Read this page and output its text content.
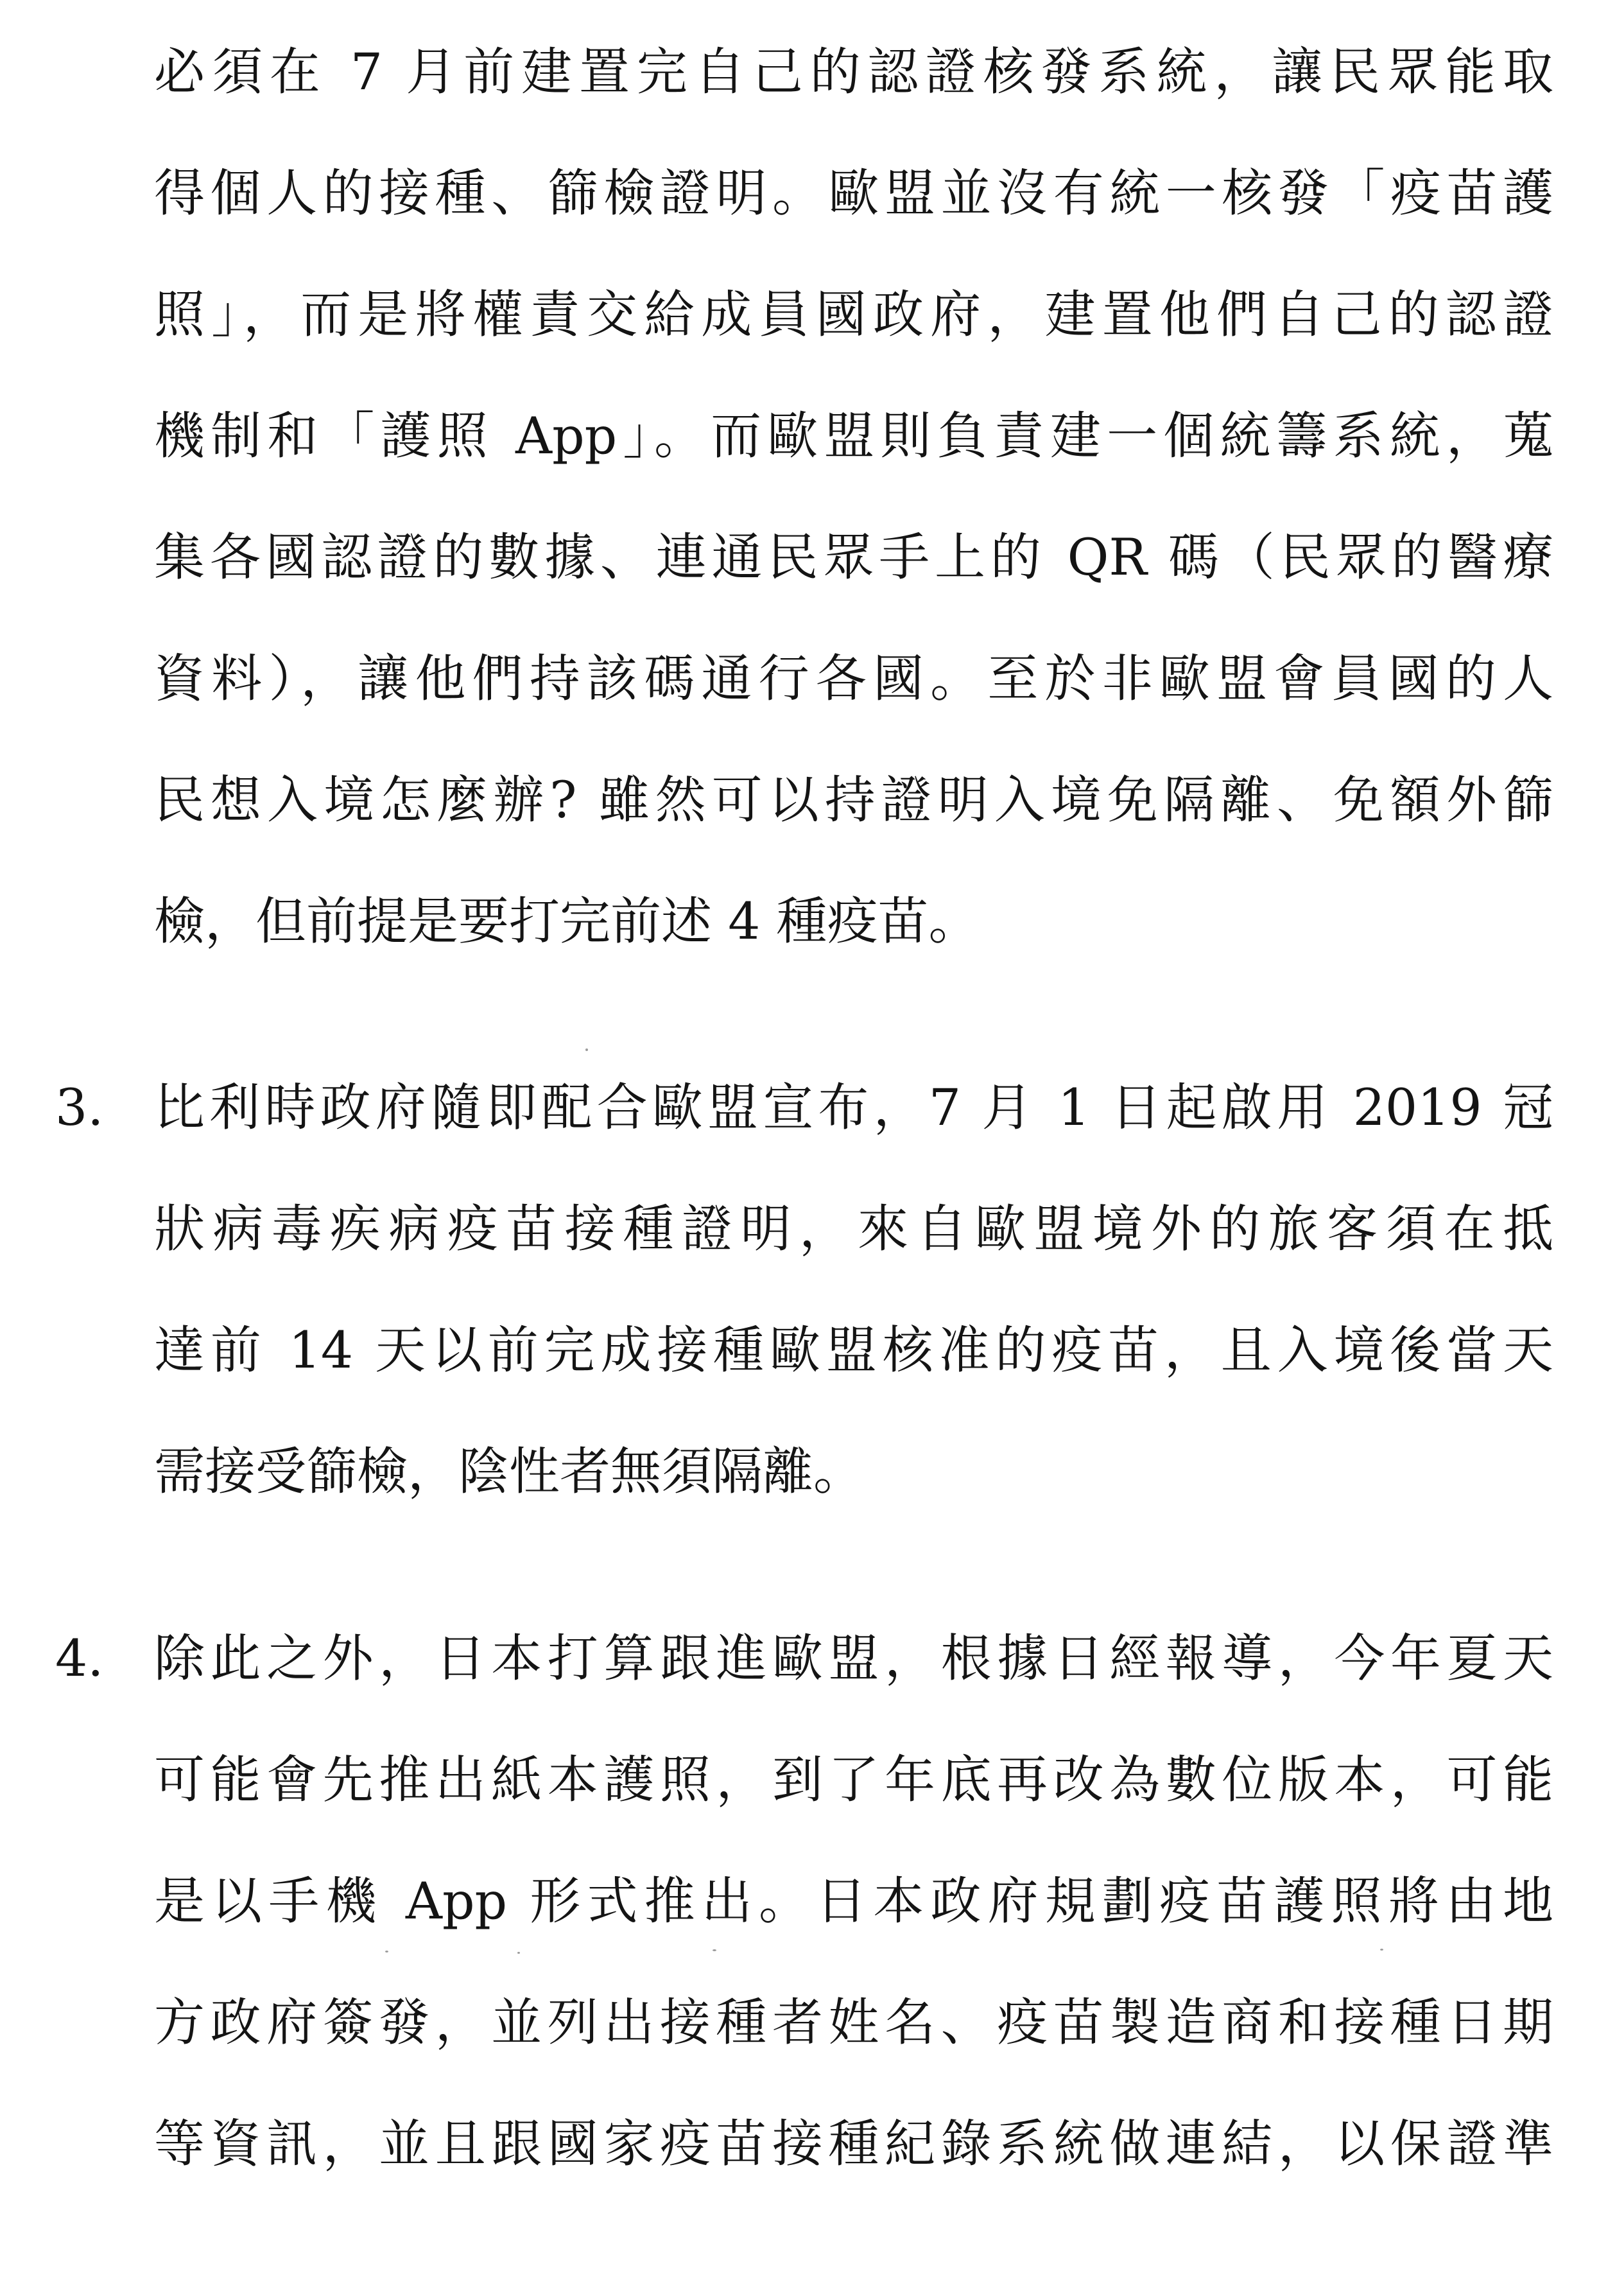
必須在 7 月前建置完自己的認證核發系統，讓民眾能取
得個人的接種、篩檢證明。歐盟並沒有統一核發「疫苗護
照」，而是將權責交給成員國政府，建置他們自己的認證
機制和「護照 App」。而歐盟則負責建一個統籌系統，蒐
集各國認證的數據、連通民眾手上的 QR 碼（民眾的醫療
資料），讓他們持該碼通行各國。至於非歐盟會員國的人
民想入境怎麼辦? 雖然可以持證明入境免隔離、免額外篩
檢，但前提是要打完前述 4 種疫苗。
3. 比利時政府隨即配合歐盟宣布，7 月 1 日起啟用 2019 冠
狀病毒疾病疫苗接種證明，來自歐盟境外的旅客須在抵
達前 14 天以前完成接種歐盟核准的疫苗，且入境後當天
需接受篩檢，陰性者無須隔離。
4. 除此之外，日本打算跟進歐盟，根據日經報導，今年夏天
可能會先推出紙本護照，到了年底再改為數位版本，可能
是以手機 App 形式推出。日本政府規劃疫苗護照將由地
方政府簽發，並列出接種者姓名、疫苗製造商和接種日期
等資訊，並且跟國家疫苗接種紀錄系統做連結，以保證準
